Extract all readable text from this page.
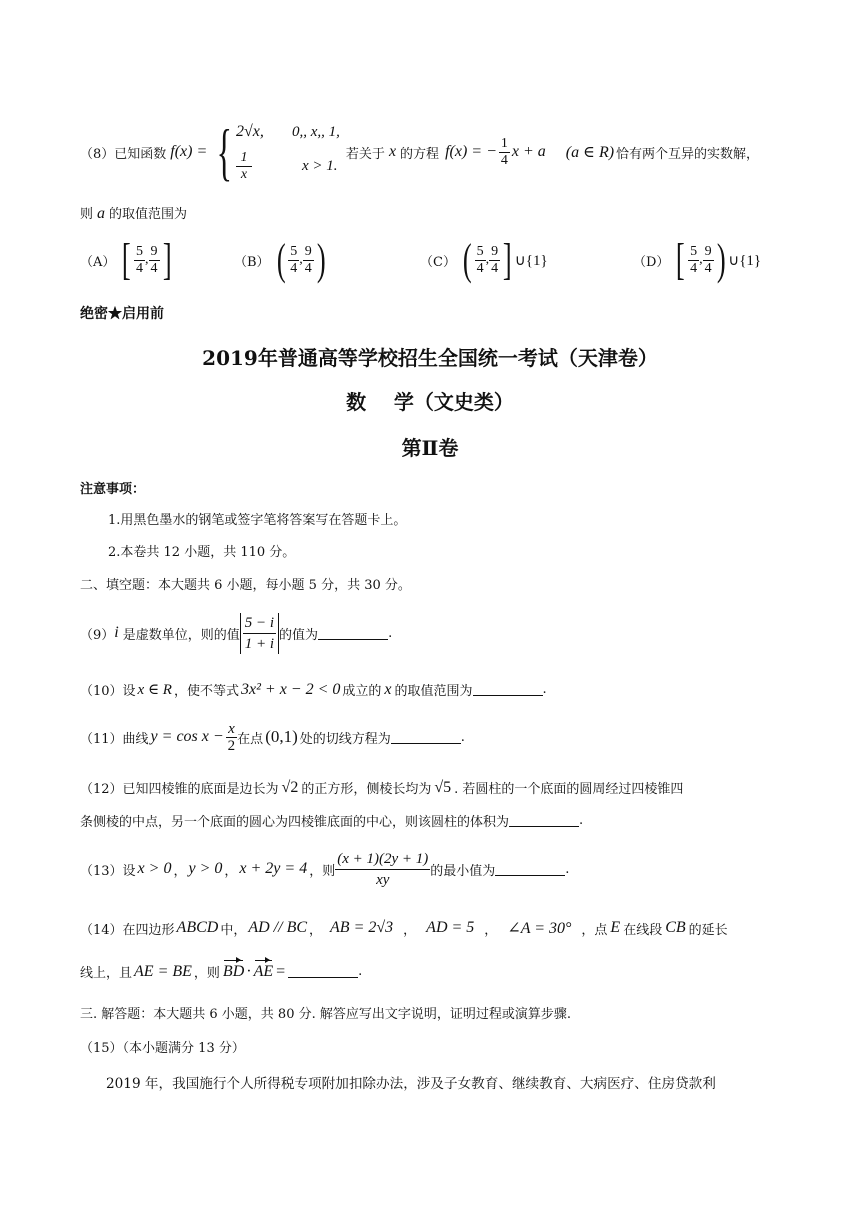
（8）已知函数 f(x) = { 2√x,	0,, x,, 1,
$\frac{1}{x}$ x > 1.
若关于 x 的方程 f(x) = − $\frac{1}{4}$ x + a (a ∈ R) 恰有两个互异的实数解，
则 a 的取值范围为
（A） [ $\frac{5}{4}$ , $\frac{9}{4}$ ]	（B） ( $\frac{5}{4}$ , $\frac{9}{4}$ )	（C） ( $\frac{5}{4}$ , $\frac{9}{4}$ ] ∪{1}	（D） [ $\frac{5}{4}$ , $\frac{9}{4}$ ) ∪{1}
绝密★启用前
2019年普通高等学校招生全国统一考试（天津卷）
数    学（文史类）
第Ⅱ卷
注意事项：
1.用黑色墨水的钢笔或签字笔将答案写在答题卡上。
2.本卷共 12 小题，共 110 分。
二、填空题：本大题共 6 小题，每小题 5 分，共 30 分。
（9） i 是虚数单位，则的值 $\frac{5 - i}{1 + i}$ 的值为	.
（10）设 x ∈ R ，使不等式 3x² + x − 2 < 0 成立的 x 的取值范围为	.
（11）曲线 $y = \cos x - \frac{x}{2}$ 在点 (0,1) 处的切线方程为	.
（12）已知四棱锥的底面是边长为 √2 的正方形，侧棱长均为 √5 . 若圆柱的一个底面的圆周经过四棱锥四
条侧棱的中点，另一个底面的圆心为四棱锥底面的中心，则该圆柱的体积为	.
（13）设 x > 0 ， y > 0 ， x + 2y = 4 ，则 $\frac{(x + 1)(2y + 1)}{xy}$ 的最小值为	.
（14）在四边形 ABCD 中， AD // BC ， AB = 2√3 ， AD = 5 ， ∠A = 30° ，点 E 在线段 CB 的延长
线上，且 AE = BE ，则 BD · AE =	.
三. 解答题：本大题共 6 小题，共 80 分. 解答应写出文字说明，证明过程或演算步骤.
（15）（本小题满分 13 分）
2019 年，我国施行个人所得税专项附加扣除办法，涉及子女教育、继续教育、大病医疗、住房贷款利
